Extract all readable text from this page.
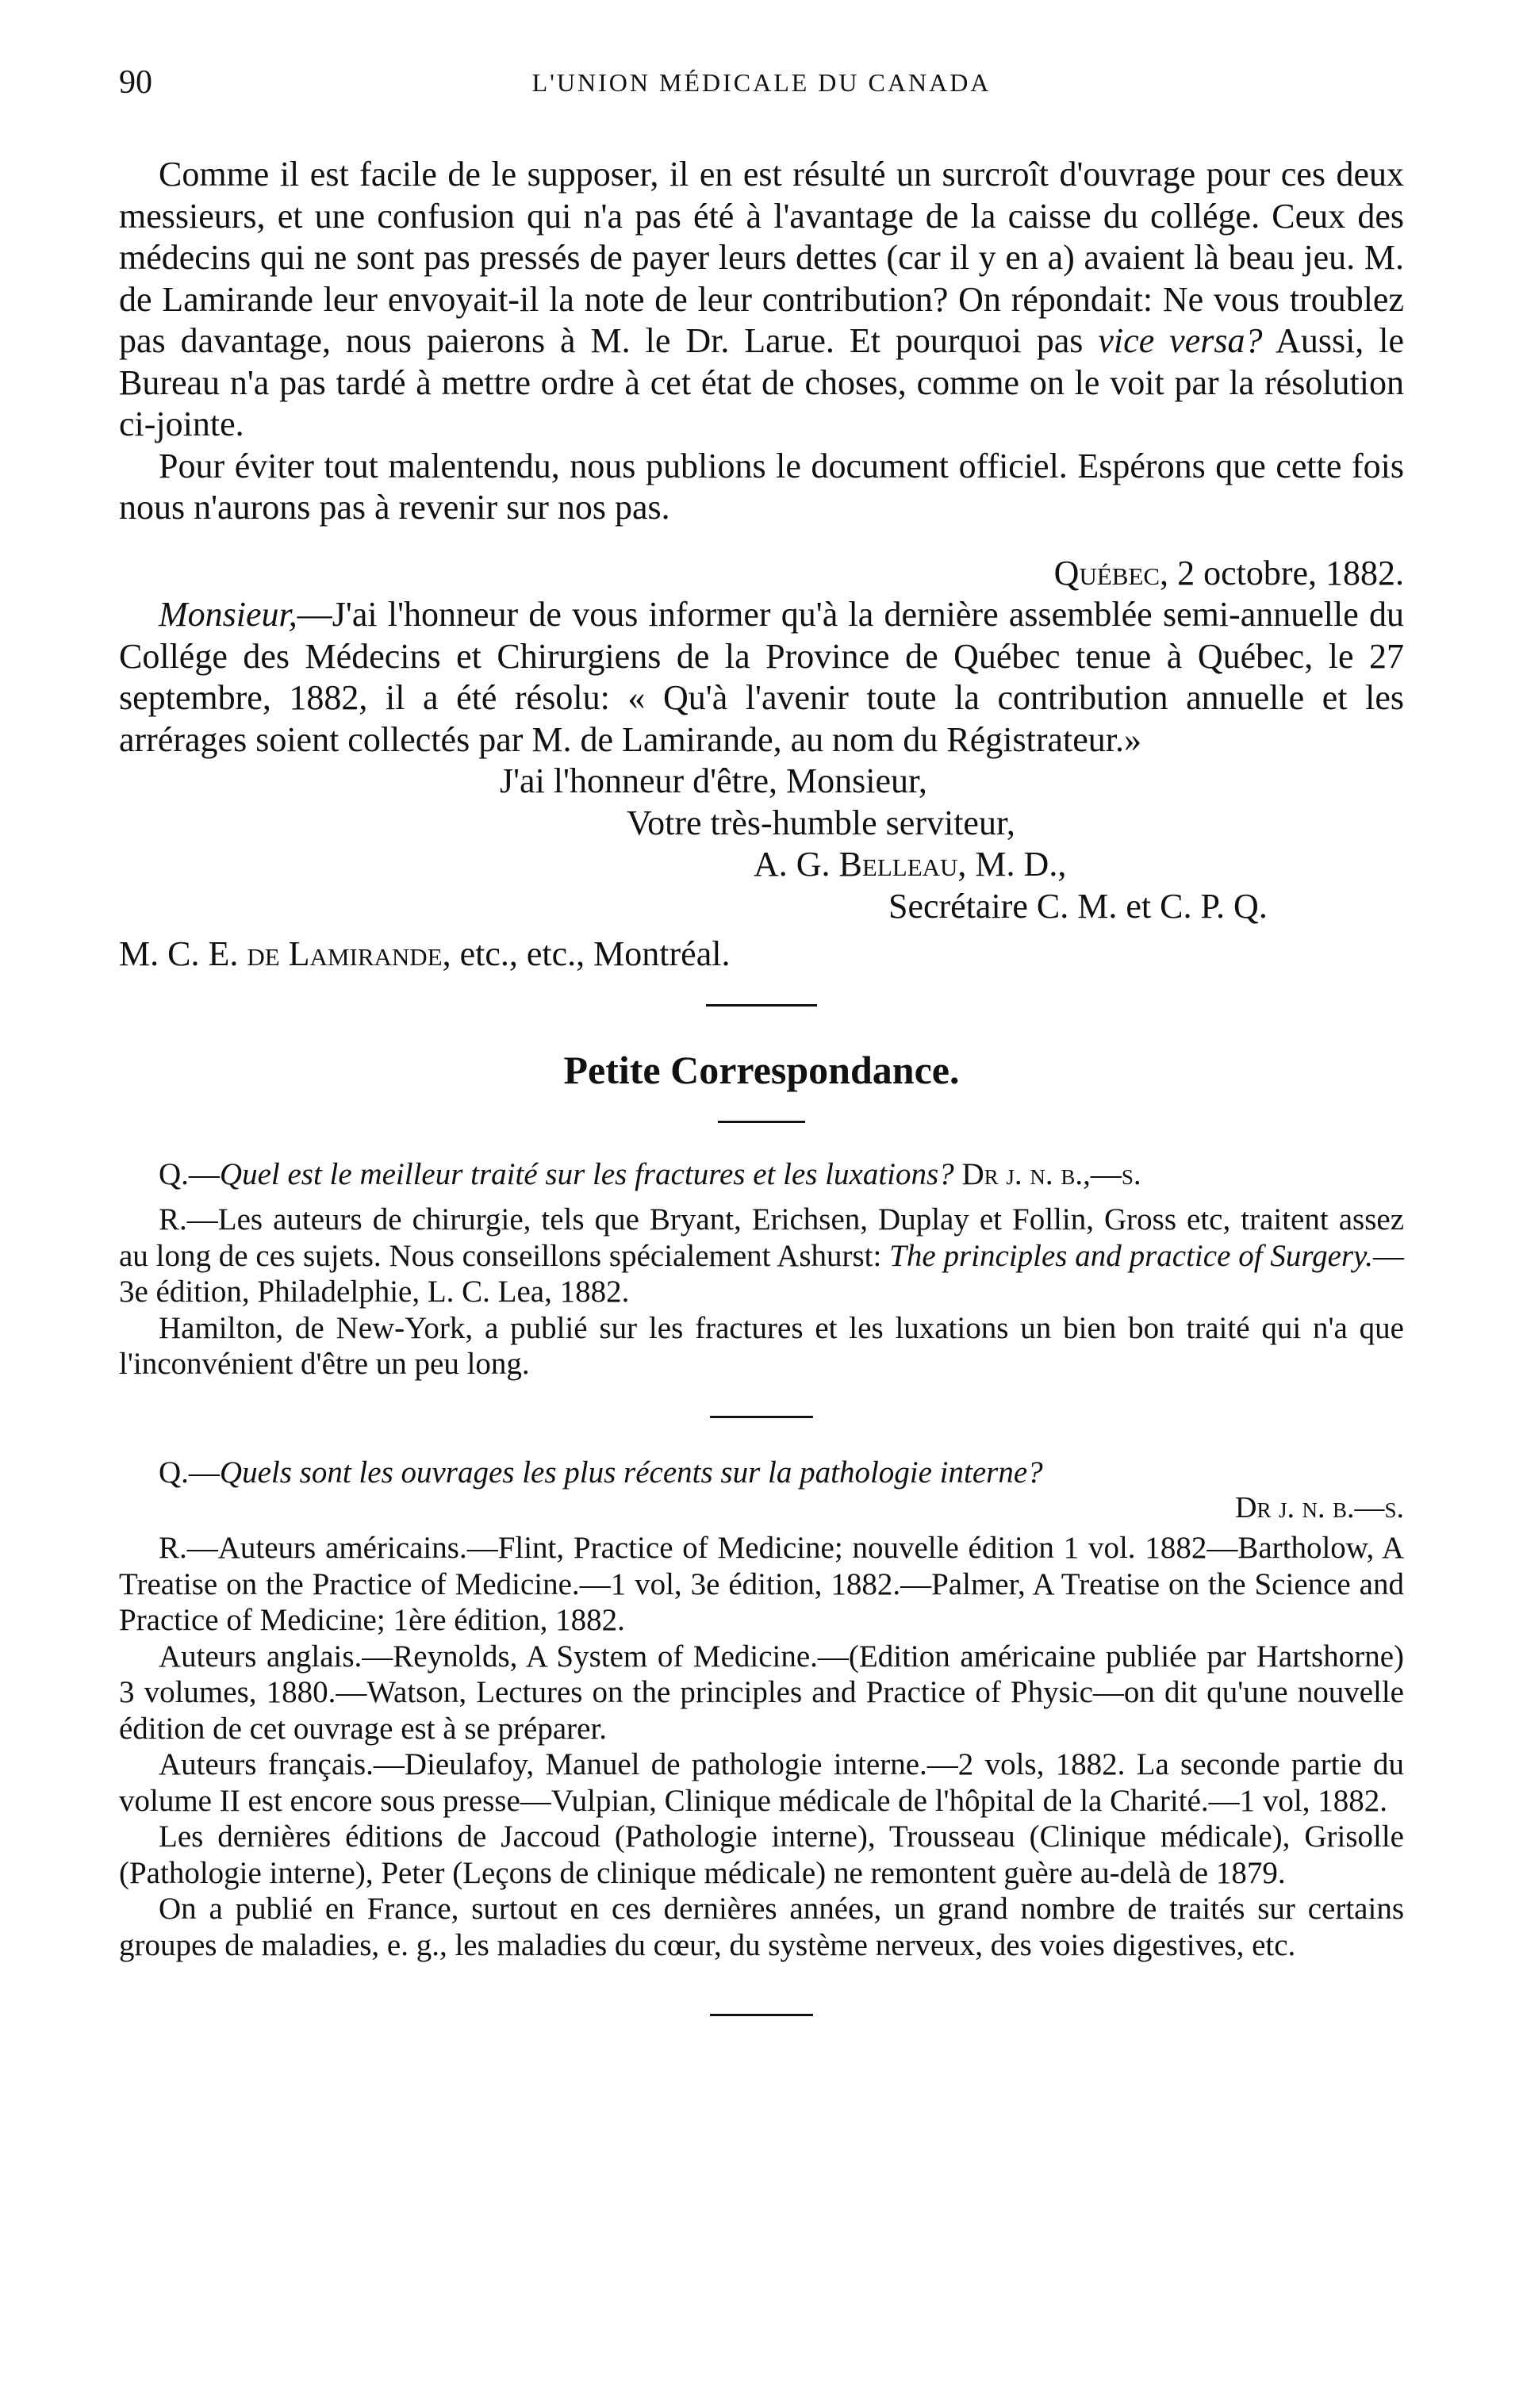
90	L'UNION MÉDICALE DU CANADA

Comme il est facile de le supposer, il en est résulté un surcroît d'ouvrage pour ces deux messieurs, et une confusion qui n'a pas été à l'avantage de la caisse du collége. Ceux des médecins qui ne sont pas pressés de payer leurs dettes (car il y en a) avaient là beau jeu. M. de Lamirande leur envoyait-il la note de leur contribution? On répondait: Ne vous troublez pas davantage, nous paierons à M. le Dr. Larue. Et pourquoi pas vice versa? Aussi, le Bureau n'a pas tardé à mettre ordre à cet état de choses, comme on le voit par la résolution ci-jointe.

Pour éviter tout malentendu, nous publions le document officiel. Espérons que cette fois nous n'aurons pas à revenir sur nos pas.

Québec, 2 octobre, 1882.

Monsieur,—J'ai l'honneur de vous informer qu'à la dernière assemblée semi-annuelle du Collége des Médecins et Chirurgiens de la Province de Québec tenue à Québec, le 27 septembre, 1882, il a été résolu: « Qu'à l'avenir toute la contribution annuelle et les arrérages soient collectés par M. de Lamirande, au nom du Régistrateur.»

J'ai l'honneur d'être, Monsieur,

Votre très-humble serviteur,

A. G. Belleau, M. D.,

Secrétaire C. M. et C. P. Q.

M. C. E. de Lamirande, etc., etc., Montréal.

Petite Correspondance.

Q.—Quel est le meilleur traité sur les fractures et les luxations? Dr j. n. b.,—s.

R.—Les auteurs de chirurgie, tels que Bryant, Erichsen, Duplay et Follin, Gross etc, traitent assez au long de ces sujets. Nous conseillons spécialement Ashurst: The principles and practice of Surgery.—3e édition, Philadelphie, L. C. Lea, 1882.

Hamilton, de New-York, a publié sur les fractures et les luxations un bien bon traité qui n'a que l'inconvénient d'être un peu long.

Q.—Quels sont les ouvrages les plus récents sur la pathologie interne?

Dr j. n. b.—s.

R.—Auteurs américains.—Flint, Practice of Medicine; nouvelle édition 1 vol. 1882—Bartholow, A Treatise on the Practice of Medicine.—1 vol, 3e édition, 1882.—Palmer, A Treatise on the Science and Practice of Medicine; 1ère édition, 1882.

Auteurs anglais.—Reynolds, A System of Medicine.—(Edition américaine publiée par Hartshorne) 3 volumes, 1880.—Watson, Lectures on the principles and Practice of Physic—on dit qu'une nouvelle édition de cet ouvrage est à se préparer.

Auteurs français.—Dieulafoy, Manuel de pathologie interne.—2 vols, 1882. La seconde partie du volume II est encore sous presse—Vulpian, Clinique médicale de l'hôpital de la Charité.—1 vol, 1882.

Les dernières éditions de Jaccoud (Pathologie interne), Trousseau (Clinique médicale), Grisolle (Pathologie interne), Peter (Leçons de clinique médicale) ne remontent guère au-delà de 1879.

On a publié en France, surtout en ces dernières années, un grand nombre de traités sur certains groupes de maladies, e. g., les maladies du cœur, du système nerveux, des voies digestives, etc.
